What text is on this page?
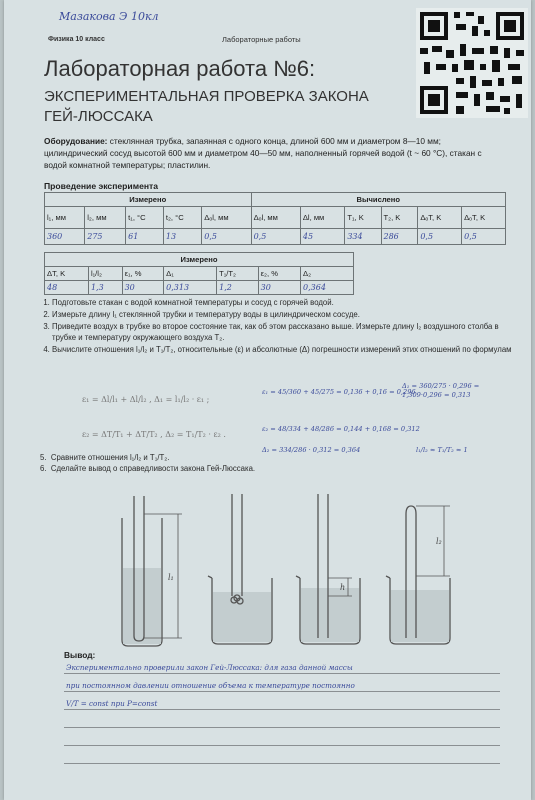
Мазакова Э 10кл
Физика 10 класс	Лабораторные работы
Лабораторная работа №6:
ЭКСПЕРИМЕНТАЛЬНАЯ ПРОВЕРКА ЗАКОНА
ГЕЙ-ЛЮССАКА
Оборудование: стеклянная трубка, запаянная с одного конца, длиной 600 мм и диаметром 8—10 мм; цилиндрический сосуд высотой 600 мм и диаметром 40—50 мм, наполненный горячей водой (t ~ 60 °C), стакан с водой комнатной температуры; пластилин.
Проведение эксперимента
Измерено					Вычислено					
l₁, мм	l₂, мм	t₁, °C	t₂, °C	Δₒl, мм	Δₒl, мм	Δl, мм	T₁, K	T₂, K	ΔₒT, K	ΔₒT, K
360	275	61	13	0,5	0,5	45	334	286	0,5	0,5
Измерено						
ΔT, K	l₁/l₂	ε₁, %	Δ₁	T₁/T₂	ε₂, %	Δ₂
48	1,3	30	0,313	1,2	30	0,364
1. Подготовьте стакан с водой комнатной температуры и сосуд с горячей водой.
2. Измерьте длину l₁ стеклянной трубки и температуру воды в цилиндрическом сосуде.
3. Приведите воздух в трубке во второе состояние так, как об этом рассказано выше. Измерьте длину l₂ воздушного столба в трубке и температуру окружающего воздуха T₂.
4. Вычислите отношения l₁/l₂ и T₁/T₂, относительные (ε) и абсолютные (Δ) погрешности измерений этих отношений по формулам
ε₁ = Δl/l₁ + Δl/l₂ , Δ₁ = l₁/l₂ · ε₁ ;
ε₂ = ΔT/T₁ + ΔT/T₂ , Δ₂ = T₁/T₂ · ε₂ .
ε₁ = 45/360 + 45/275 = 0,136 + 0,16 = 0,296
Δ₁ = 360/275 · 0,296 = 1,309·0,296 = 0,313
ε₂ = 48/334 + 48/286 = 0,144 + 0,168 = 0,312
Δ₂ = 334/286 · 0,312 = 0,364	l₁/l₂ ≈ T₁/T₂ ≈ 1
5.  Сравните отношения l₁/l₂ и T₁/T₂.
6.  Сделайте вывод о справедливости закона Гей-Люссака.
l₁
h
l₂
Вывод:
Экспериментально проверили закон Гей-Люссака: для газа данной массы
при постоянном давлении отношение объема к температуре постоянно
V/T = const при P=const
